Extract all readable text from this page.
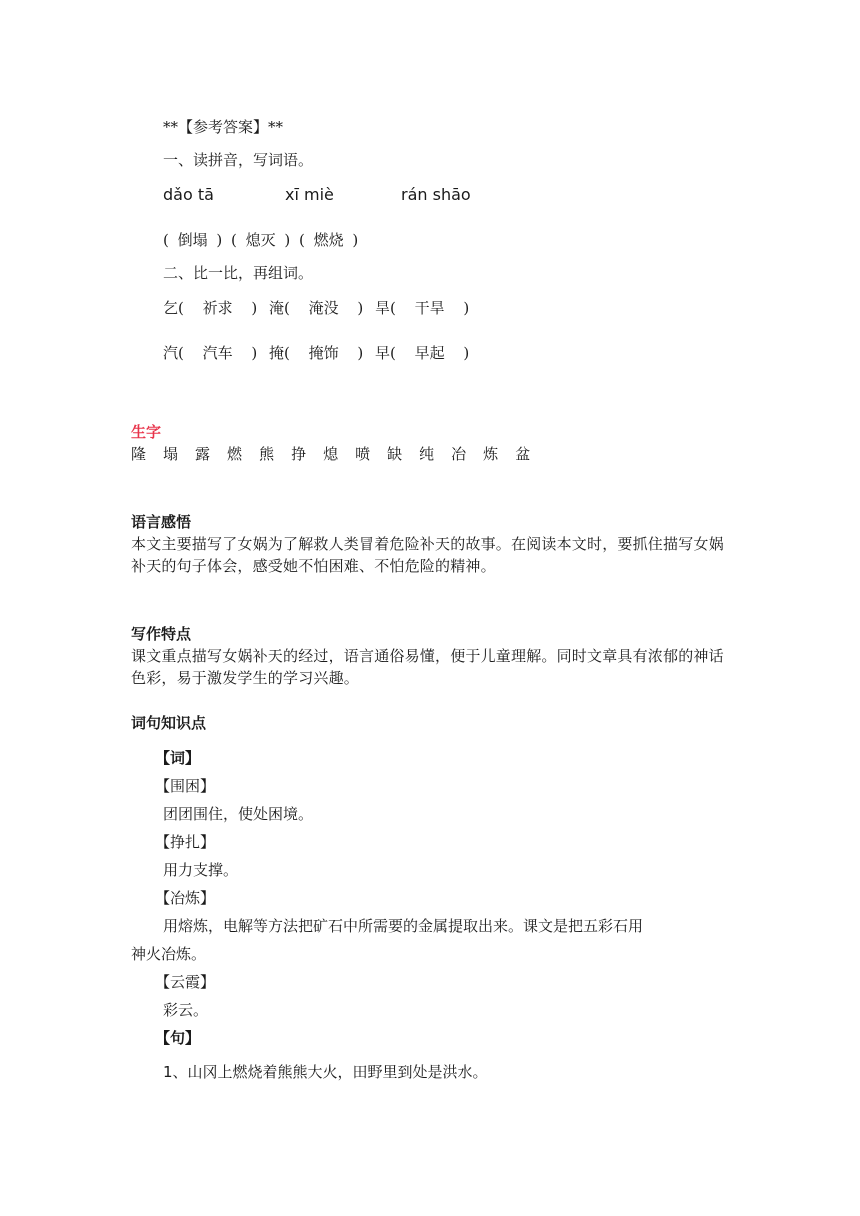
**【参考答案】**
一、读拼音，写词语。
dǎo tā	xī miè	rán shāo
( 倒塌 ) ( 熄灭 ) ( 燃烧 )
二、比一比，再组词。
乞( 祈求 ) 淹( 淹没 ) 旱( 干旱 )
汽( 汽车 ) 掩( 掩饰 ) 早( 早起 )
生字
隆 塌 露 燃 熊 挣 熄 喷 缺 纯 冶 炼 盆
语言感悟
本文主要描写了女娲为了解救人类冒着危险补天的故事。在阅读本文时，要抓住描写女娲补天的句子体会，感受她不怕困难、不怕危险的精神。
写作特点
课文重点描写女娲补天的经过，语言通俗易懂，便于儿童理解。同时文章具有浓郁的神话色彩，易于激发学生的学习兴趣。
词句知识点
【词】
【围困】
团团围住，使处困境。
【挣扎】
用力支撑。
【冶炼】
用熔炼，电解等方法把矿石中所需要的金属提取出来。课文是把五彩石用
神火冶炼。
【云霞】
彩云。
【句】
1、山冈上燃烧着熊熊大火，田野里到处是洪水。
